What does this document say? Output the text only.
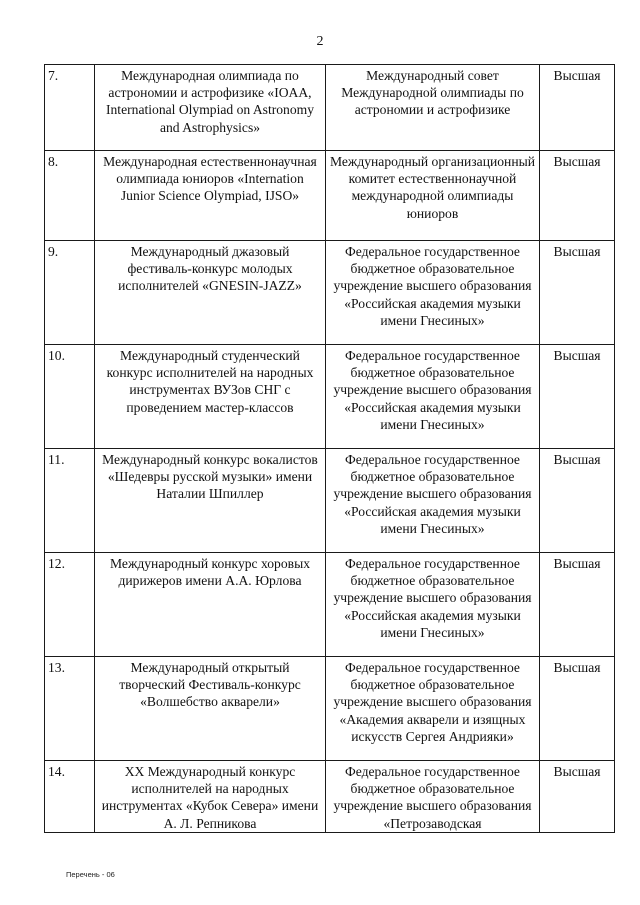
2
7.	Международная олимпиада по астрономии и астрофизике «IOAA, International Olympiad on Astronomy and Astrophysics»	Международный совет Международной олимпиады по астрономии и астрофизике	Высшая
8.	Международная естественнонаучная олимпиада юниоров «Internation Junior Science Olympiad, IJSO»	Международный организационный комитет естественнонаучной международной олимпиады юниоров	Высшая
9.	Международный джазовый фестиваль-конкурс молодых исполнителей «GNESIN-JAZZ»	Федеральное государственное бюджетное образовательное учреждение высшего образования «Российская академия музыки имени Гнесиных»	Высшая
10.	Международный студенческий конкурс исполнителей на народных инструментах ВУЗов СНГ с проведением мастер-классов	Федеральное государственное бюджетное образовательное учреждение высшего образования «Российская академия музыки имени Гнесиных»	Высшая
11.	Международный конкурс вокалистов «Шедевры русской музыки» имени Наталии Шпиллер	Федеральное государственное бюджетное образовательное учреждение высшего образования «Российская академия музыки имени Гнесиных»	Высшая
12.	Международный конкурс хоровых дирижеров имени А.А. Юрлова	Федеральное государственное бюджетное образовательное учреждение высшего образования «Российская академия музыки имени Гнесиных»	Высшая
13.	Международный открытый творческий Фестиваль-конкурс «Волшебство акварели»	Федеральное государственное бюджетное образовательное учреждение высшего образования «Академия акварели и изящных искусств Сергея Андрияки»	Высшая
14.	XX Международный конкурс исполнителей на народных инструментах «Кубок Севера» имени А. Л. Репникова	Федеральное государственное бюджетное образовательное учреждение высшего образования «Петрозаводская	Высшая
Перечень - 06
